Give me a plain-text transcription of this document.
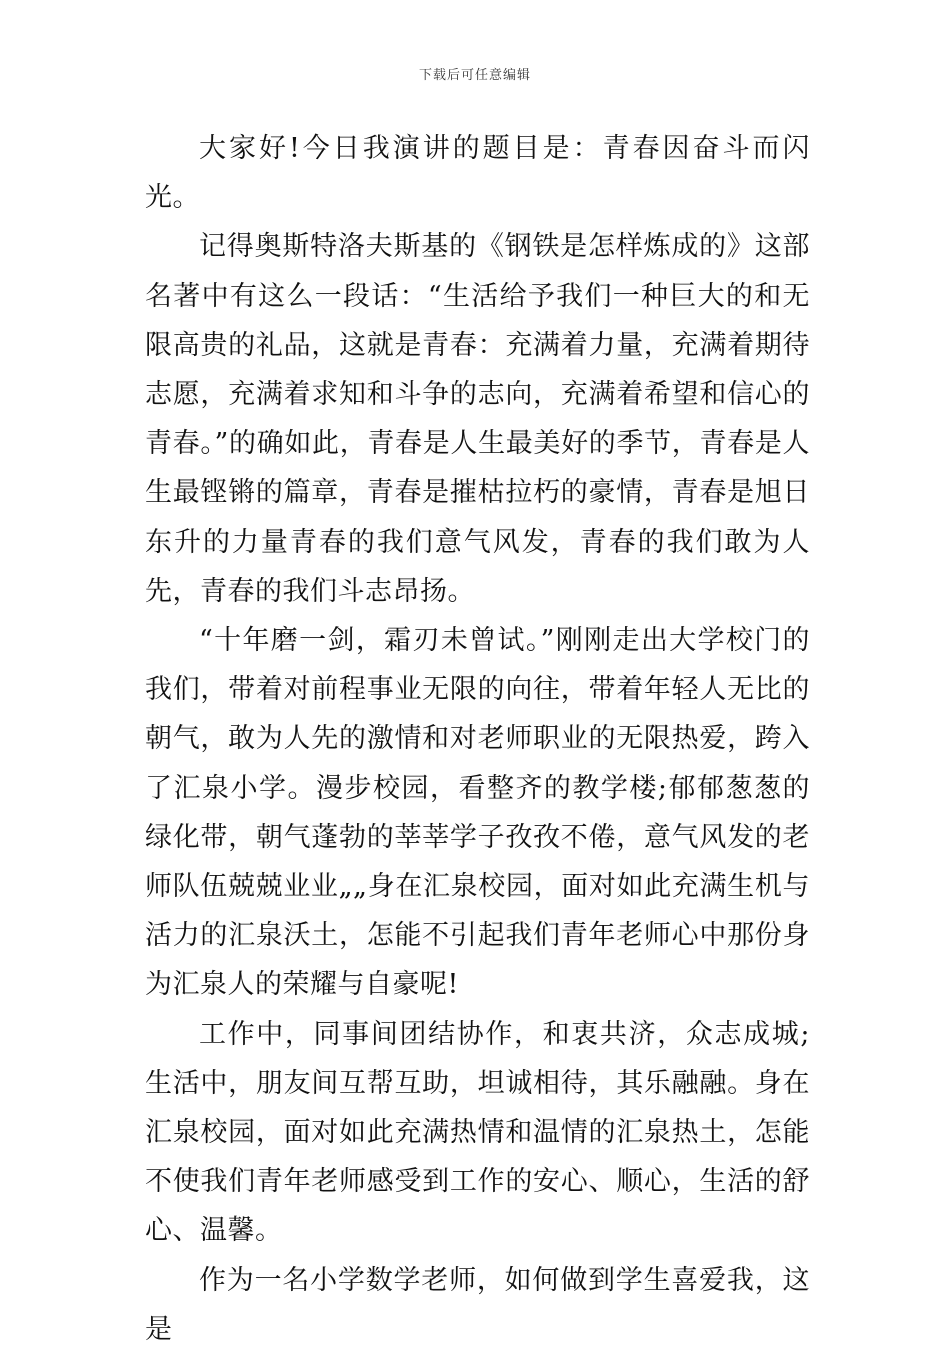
下载后可任意编辑

大家好!今日我演讲的题目是：青春因奋斗而闪光。

记得奥斯特洛夫斯基的《钢铁是怎样炼成的》这部名著中有这么一段话：“生活给予我们一种巨大的和无限高贵的礼品，这就是青春：充满着力量，充满着期待志愿，充满着求知和斗争的志向，充满着希望和信心的青春。”的确如此，青春是人生最美好的季节，青春是人生最铿锵的篇章，青春是摧枯拉朽的豪情，青春是旭日东升的力量青春的我们意气风发，青春的我们敢为人先，青春的我们斗志昂扬。

“十年磨一剑，霜刃未曾试。”刚刚走出大学校门的我们，带着对前程事业无限的向往，带着年轻人无比的朝气，敢为人先的激情和对老师职业的无限热爱，跨入了汇泉小学。漫步校园，看整齐的教学楼;郁郁葱葱的绿化带，朝气蓬勃的莘莘学子孜孜不倦，意气风发的老师队伍兢兢业业„„身在汇泉校园，面对如此充满生机与活力的汇泉沃土，怎能不引起我们青年老师心中那份身为汇泉人的荣耀与自豪呢!

工作中，同事间团结协作，和衷共济，众志成城;生活中，朋友间互帮互助，坦诚相待，其乐融融。身在汇泉校园，面对如此充满热情和温情的汇泉热土，怎能不使我们青年老师感受到工作的安心、顺心，生活的舒心、温馨。

作为一名小学数学老师，如何做到学生喜爱我，这是
